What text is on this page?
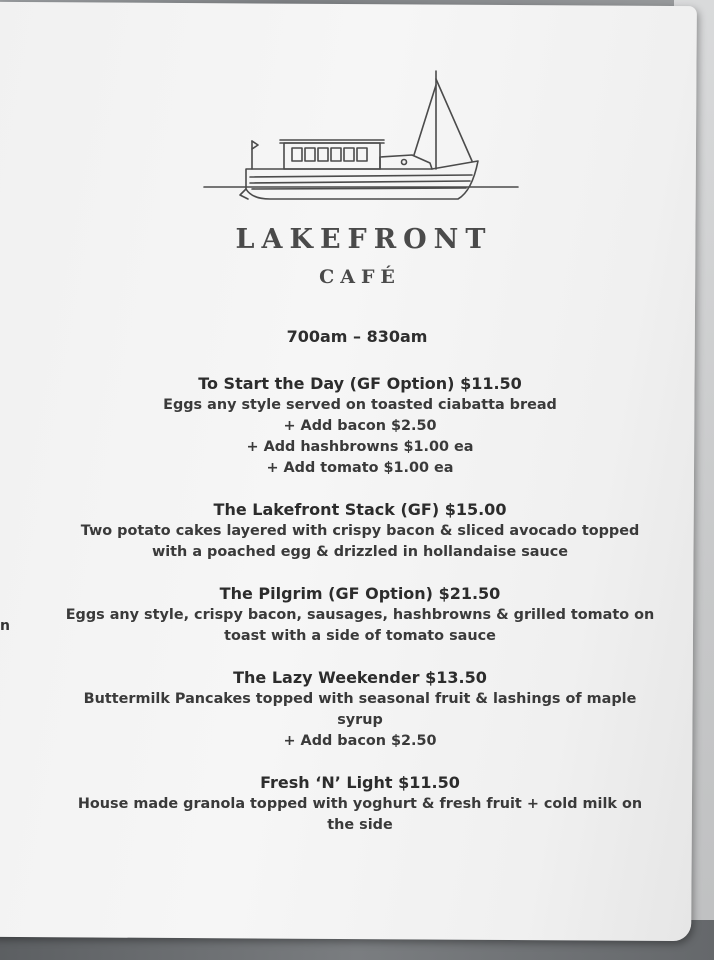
LAKEFRONT
CAFÉ
700am – 830am
To Start the Day (GF Option) $11.50
Eggs any style served on toasted ciabatta bread
+ Add bacon $2.50
+ Add hashbrowns $1.00 ea
+ Add tomato $1.00 ea
The Lakefront Stack (GF) $15.00
Two potato cakes layered with crispy bacon & sliced avocado topped
with a poached egg & drizzled in hollandaise sauce
The Pilgrim (GF Option) $21.50
Eggs any style, crispy bacon, sausages, hashbrowns & grilled tomato on
toast with a side of tomato sauce
The Lazy Weekender $13.50
Buttermilk Pancakes topped with seasonal fruit & lashings of maple
syrup
+ Add bacon $2.50
Fresh ‘N’ Light $11.50
House made granola topped with yoghurt & fresh fruit + cold milk on
the side
n
